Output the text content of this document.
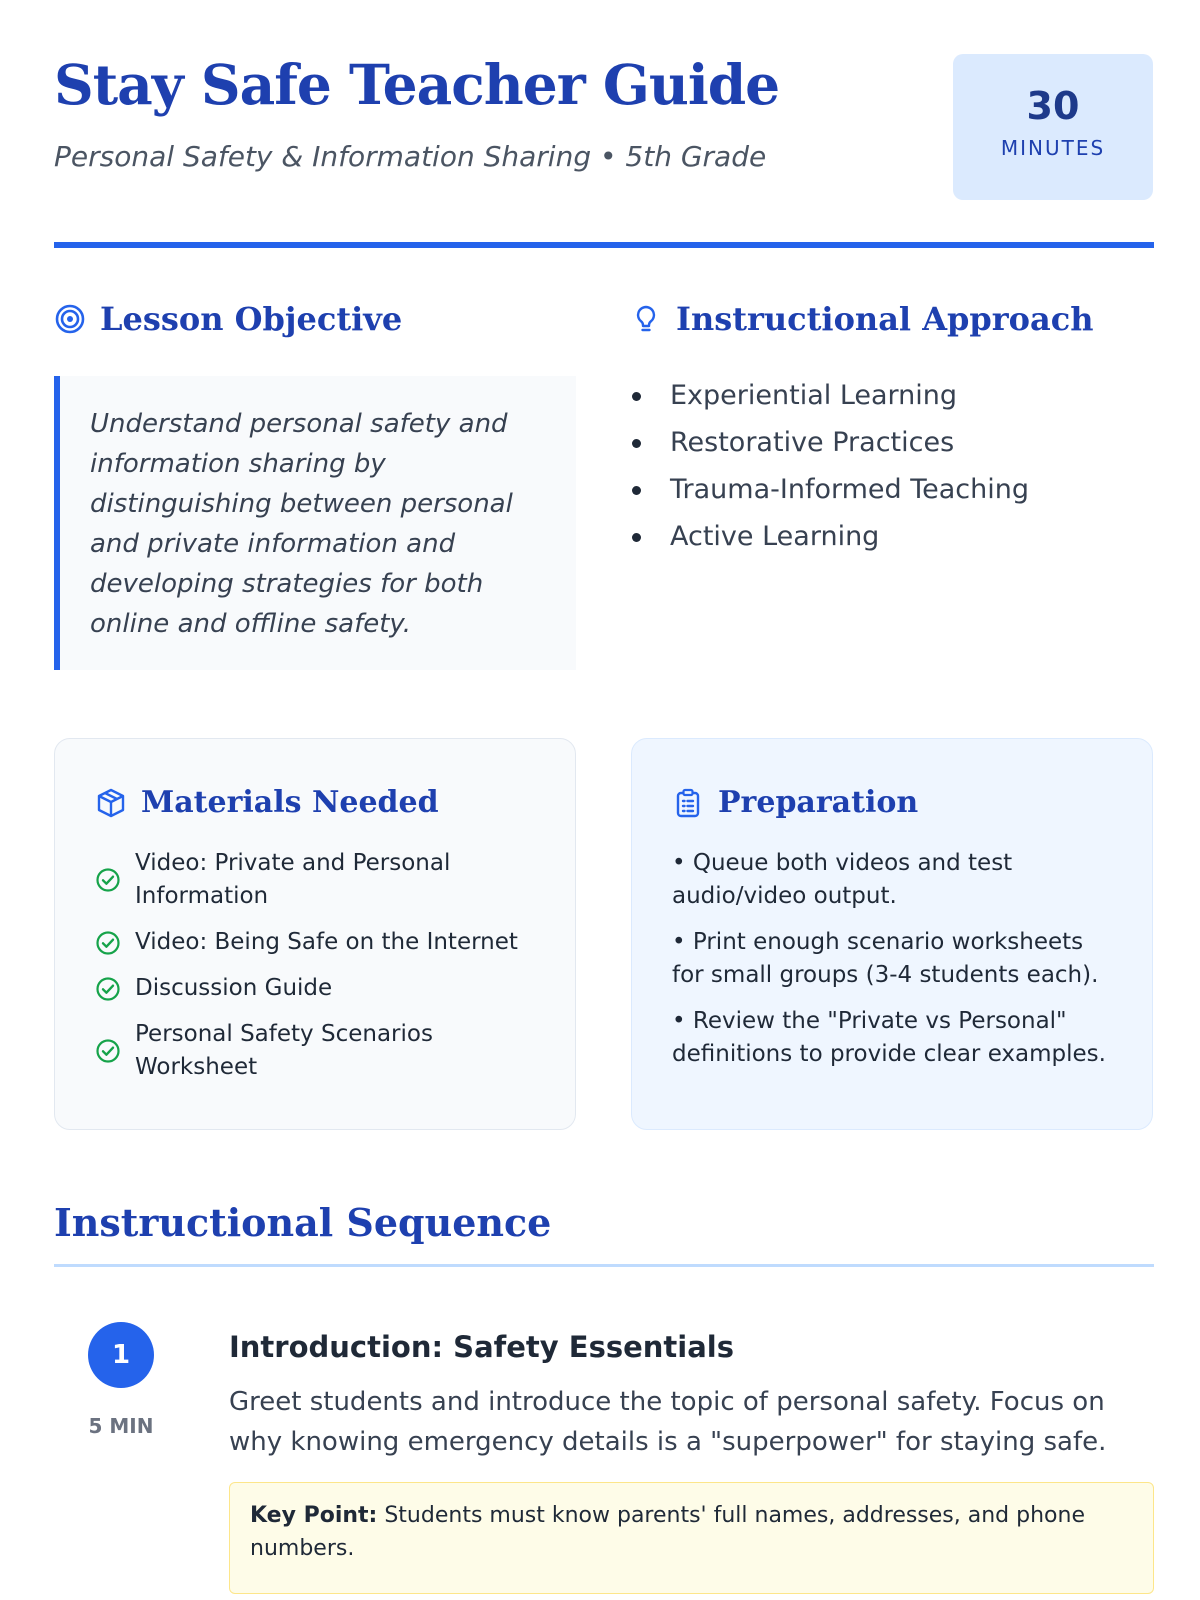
Stay Safe Teacher Guide
Personal Safety & Information Sharing • 5th Grade
30
MINUTES
Lesson Objective
Understand personal safety and information sharing by distinguishing between personal and private information and developing strategies for both online and offline safety.
Instructional Approach
Experiential Learning
Restorative Practices
Trauma-Informed Teaching
Active Learning
Materials Needed
Video: Private and Personal Information
Video: Being Safe on the Internet
Discussion Guide
Personal Safety Scenarios Worksheet
Preparation
• Queue both videos and test audio/video output.
• Print enough scenario worksheets for small groups (3-4 students each).
• Review the "Private vs Personal" definitions to provide clear examples.
Instructional Sequence
1
5 MIN
Introduction: Safety Essentials
Greet students and introduce the topic of personal safety. Focus on why knowing emergency details is a "superpower" for staying safe.
Key Point: Students must know parents' full names, addresses, and phone numbers.
